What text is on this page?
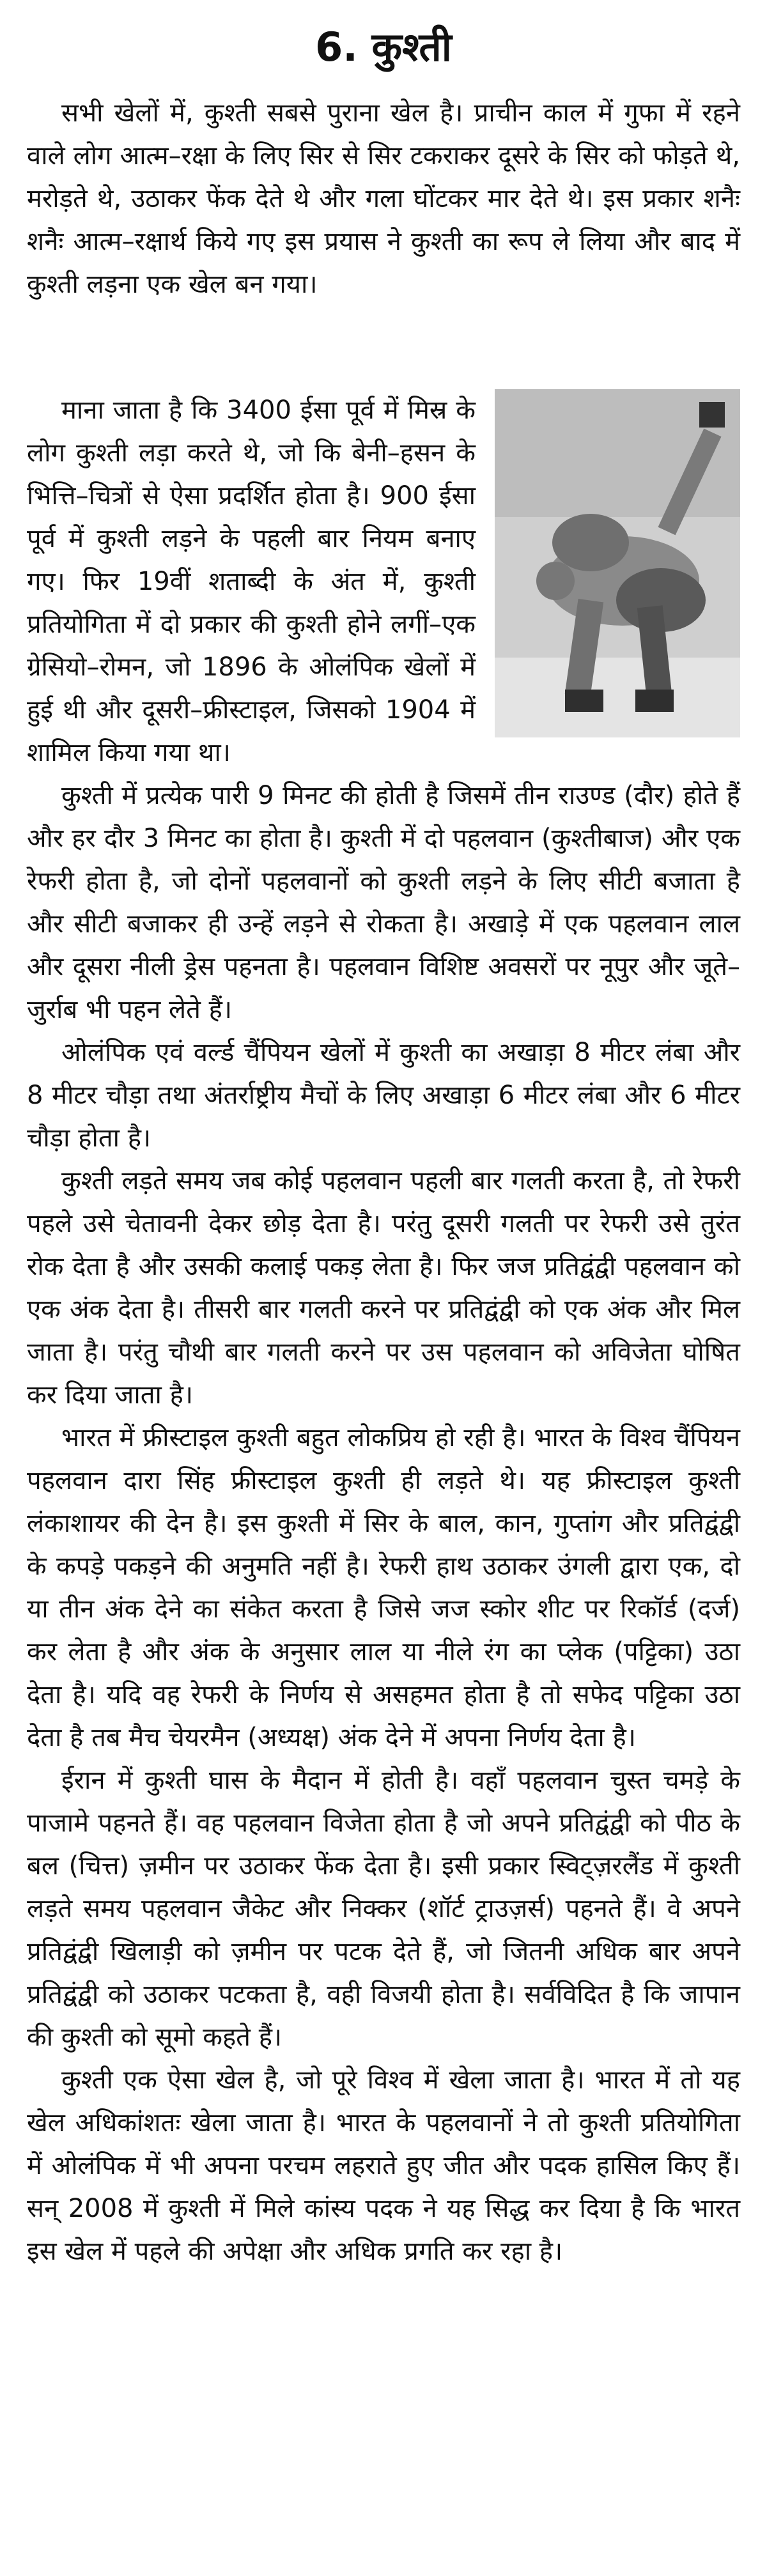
6. कुश्ती

सभी खेलों में, कुश्ती सबसे पुराना खेल है। प्राचीन काल में गुफा में रहने वाले लोग आत्म–रक्षा के लिए सिर से सिर टकराकर दूसरे के सिर को फोड़ते थे, मरोड़ते थे, उठाकर फेंक देते थे और गला घोंटकर मार देते थे। इस प्रकार शनैः शनैः आत्म–रक्षार्थ किये गए इस प्रयास ने कुश्ती का रूप ले लिया और बाद में कुश्ती लड़ना एक खेल बन गया।

माना जाता है कि 3400 ईसा पूर्व में मिस्र के लोग कुश्ती लड़ा करते थे, जो कि बेनी–हसन के भित्ति–चित्रों से ऐसा प्रदर्शित होता है। 900 ईसा पूर्व में कुश्ती लड़ने के पहली बार नियम बनाए गए। फिर 19वीं शताब्दी के अंत में, कुश्ती प्रतियोगिता में दो प्रकार की कुश्ती होने लगीं–एक ग्रेसियो–रोमन, जो 1896 के ओलंपिक खेलों में हुई थी और दूसरी–फ्रीस्टाइल, जिसको 1904 में शामिल किया गया था।

कुश्ती में प्रत्येक पारी 9 मिनट की होती है जिसमें तीन राउण्ड (दौर) होते हैं और हर दौर 3 मिनट का होता है। कुश्ती में दो पहलवान (कुश्तीबाज) और एक रेफरी होता है, जो दोनों पहलवानों को कुश्ती लड़ने के लिए सीटी बजाता है और सीटी बजाकर ही उन्हें लड़ने से रोकता है। अखाड़े में एक पहलवान लाल और दूसरा नीली ड्रेस पहनता है। पहलवान विशिष्ट अवसरों पर नूपुर और जूते–जुर्राब भी पहन लेते हैं।

ओलंपिक एवं वर्ल्ड चैंपियन खेलों में कुश्ती का अखाड़ा 8 मीटर लंबा और 8 मीटर चौड़ा तथा अंतर्राष्ट्रीय मैचों के लिए अखाड़ा 6 मीटर लंबा और 6 मीटर चौड़ा होता है।

कुश्ती लड़ते समय जब कोई पहलवान पहली बार गलती करता है, तो रेफरी पहले उसे चेतावनी देकर छोड़ देता है। परंतु दूसरी गलती पर रेफरी उसे तुरंत रोक देता है और उसकी कलाई पकड़ लेता है। फिर जज प्रतिद्वंद्वी पहलवान को एक अंक देता है। तीसरी बार गलती करने पर प्रतिद्वंद्वी को एक अंक और मिल जाता है। परंतु चौथी बार गलती करने पर उस पहलवान को अविजेता घोषित कर दिया जाता है।

भारत में फ्रीस्टाइल कुश्ती बहुत लोकप्रिय हो रही है। भारत के विश्व चैंपियन पहलवान दारा सिंह फ्रीस्टाइल कुश्ती ही लड़ते थे। यह फ्रीस्टाइल कुश्ती लंकाशायर की देन है। इस कुश्ती में सिर के बाल, कान, गुप्तांग और प्रतिद्वंद्वी के कपड़े पकड़ने की अनुमति नहीं है। रेफरी हाथ उठाकर उंगली द्वारा एक, दो या तीन अंक देने का संकेत करता है जिसे जज स्कोर शीट पर रिकॉर्ड (दर्ज) कर लेता है और अंक के अनुसार लाल या नीले रंग का प्लेक (पट्टिका) उठा देता है। यदि वह रेफरी के निर्णय से असहमत होता है तो सफेद पट्टिका उठा देता है तब मैच चेयरमैन (अध्यक्ष) अंक देने में अपना निर्णय देता है।

ईरान में कुश्ती घास के मैदान में होती है। वहाँ पहलवान चुस्त चमड़े के पाजामे पहनते हैं। वह पहलवान विजेता होता है जो अपने प्रतिद्वंद्वी को पीठ के बल (चित्त) ज़मीन पर उठाकर फेंक देता है। इसी प्रकार स्विट्ज़रलैंड में कुश्ती लड़ते समय पहलवान जैकेट और निक्कर (शॉर्ट ट्राउज़र्स) पहनते हैं। वे अपने प्रतिद्वंद्वी खिलाड़ी को ज़मीन पर पटक देते हैं, जो जितनी अधिक बार अपने प्रतिद्वंद्वी को उठाकर पटकता है, वही विजयी होता है। सर्वविदित है कि जापान की कुश्ती को सूमो कहते हैं।

कुश्ती एक ऐसा खेल है, जो पूरे विश्व में खेला जाता है। भारत में तो यह खेल अधिकांशतः खेला जाता है। भारत के पहलवानों ने तो कुश्ती प्रतियोगिता में ओलंपिक में भी अपना परचम लहराते हुए जीत और पदक हासिल किए हैं। सन् 2008 में कुश्ती में मिले कांस्य पदक ने यह सिद्ध कर दिया है कि भारत इस खेल में पहले की अपेक्षा और अधिक प्रगति कर रहा है।
